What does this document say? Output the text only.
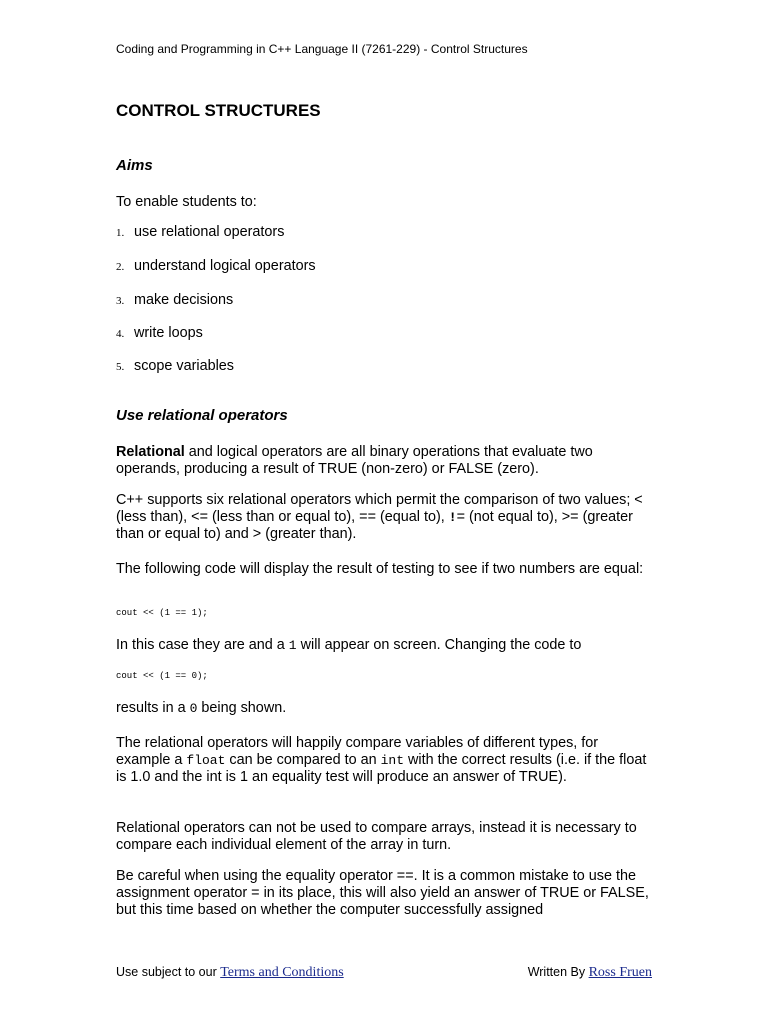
Coding and Programming in C++ Language II (7261-229) - Control Structures
CONTROL STRUCTURES
Aims

To enable students to:

1. use relational operators
2. understand logical operators
3. make decisions
4. write loops
5. scope variables
Use relational operators

Relational and logical operators are all binary operations that evaluate two operands, producing a result of TRUE (non-zero) or FALSE (zero).

C++ supports six relational operators which permit the comparison of two values; < (less than), <= (less than or equal to), == (equal to), != (not equal to), >= (greater than or equal to) and > (greater than).

The following code will display the result of testing to see if two numbers are equal:

cout << (1 == 1);

In this case they are and a 1 will appear on screen. Changing the code to

cout << (1 == 0);

results in a 0 being shown.

The relational operators will happily compare variables of different types, for example a float can be compared to an int with the correct results (i.e. if the float is 1.0 and the int is 1 an equality test will produce an answer of TRUE).

Relational operators can not be used to compare arrays, instead it is necessary to compare each individual element of the array in turn.

Be careful when using the equality operator ==. It is a common mistake to use the assignment operator = in its place, this will also yield an answer of TRUE or FALSE, but this time based on whether the computer successfully assigned

Use subject to our Terms and Conditions	Written By Ross Fruen
